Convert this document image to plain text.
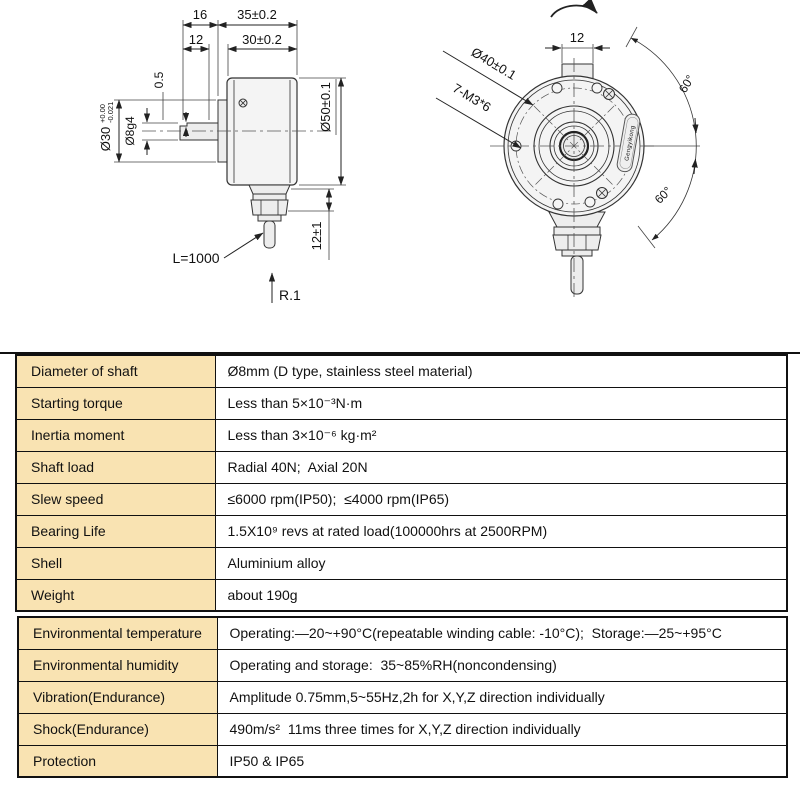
16 35±0.2
12	30±0.2
Ø30
+0.00 -0.021
Ø8g4
0.5
Ø50±0.1
12±1
L=1000
R.1
Gengyikong
12
Ø40±0.1
7-M3*6	60°
60°
Diameter of shaft	Ø8mm (D type, stainless steel material)
Starting torque	Less than 5×10⁻³N·m
Inertia moment	Less than 3×10⁻⁶ kg·m²
Shaft load	Radial 40N;  Axial 20N
Slew speed	≤6000 rpm(IP50);  ≤4000 rpm(IP65)
Bearing Life	1.5X10⁹ revs at rated load(100000hrs at 2500RPM)
Shell	Aluminium alloy
Weight	about 190g
Environmental temperature	Operating:—20~+90°C(repeatable winding cable: -10°C);  Storage:—25~+95°C
Environmental humidity	Operating and storage:  35~85%RH(noncondensing)
Vibration(Endurance)	Amplitude 0.75mm,5~55Hz,2h for X,Y,Z direction individually
Shock(Endurance)	490m/s²  11ms three times for X,Y,Z direction individually
Protection	IP50 & IP65
